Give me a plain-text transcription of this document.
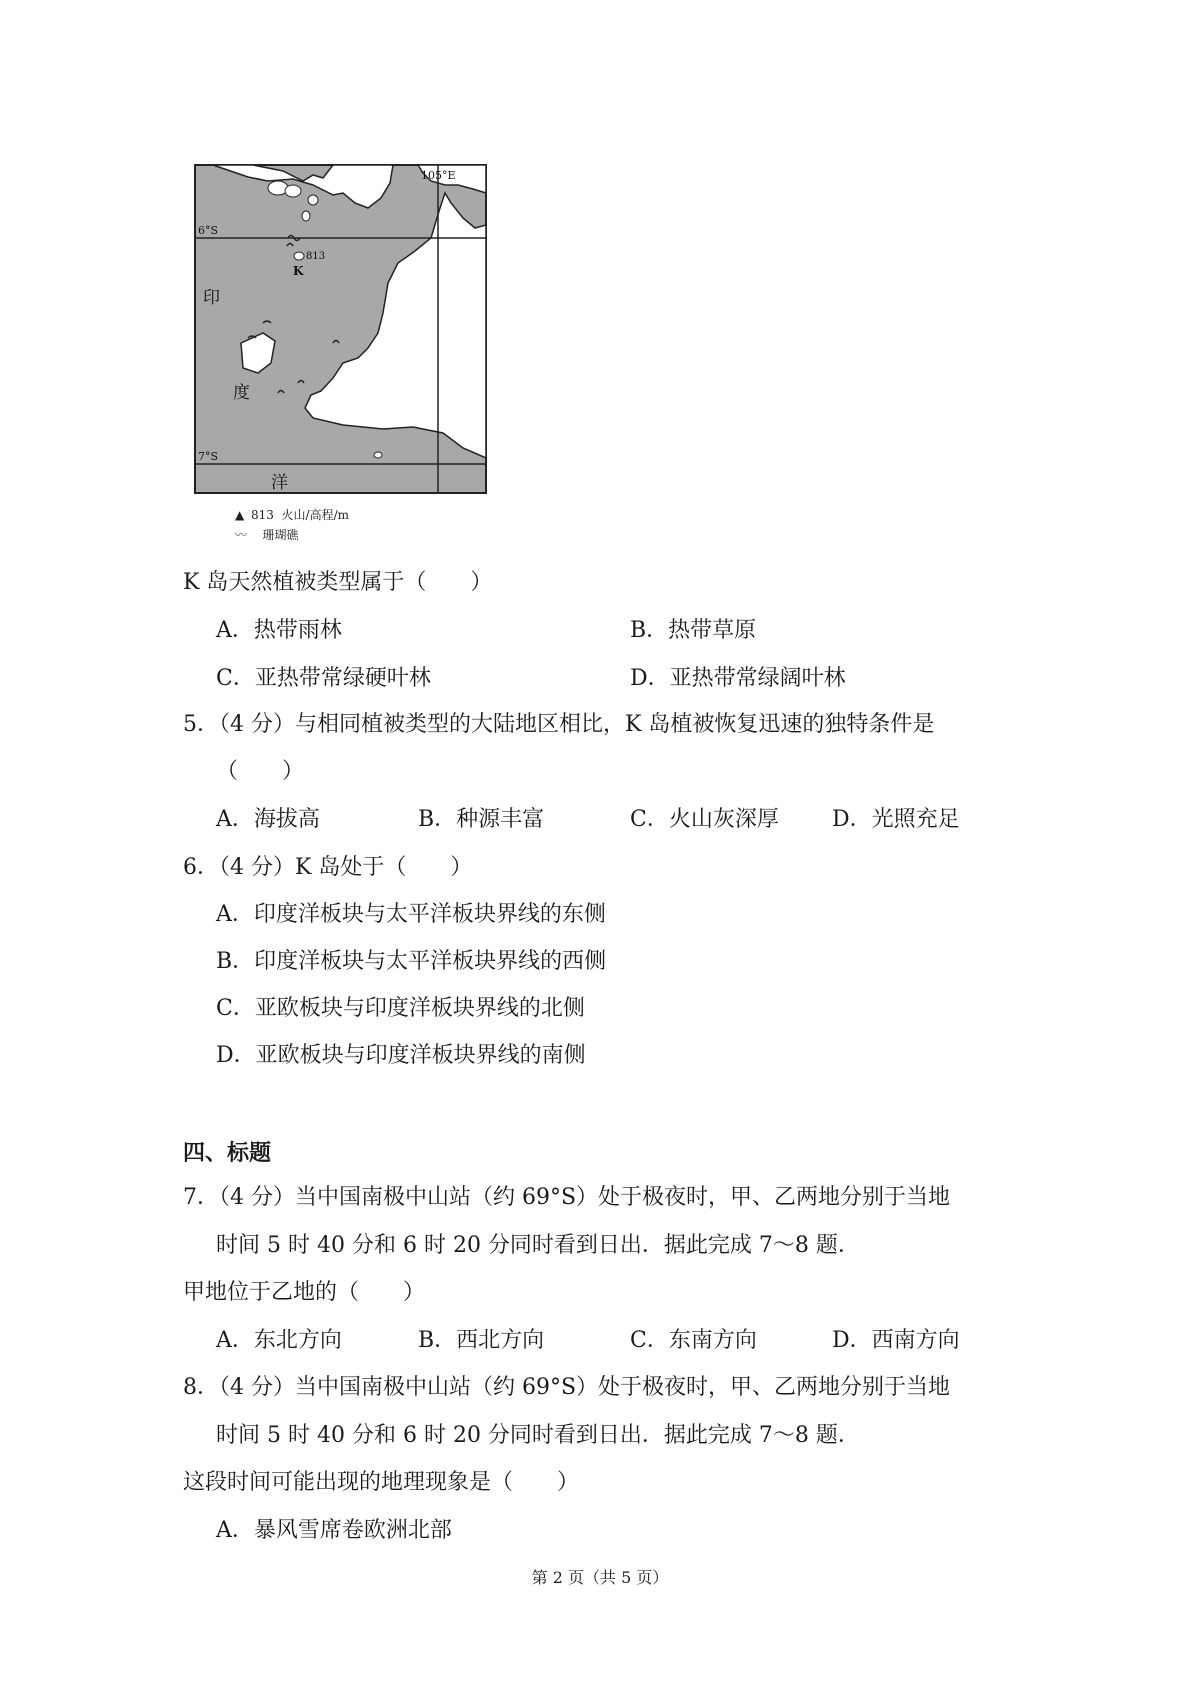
105°E
6°S
7°S
813
K
印
度
洋
▲ 813 火山/高程/m
〰 珊瑚礁
K 岛天然植被类型属于（　　）
A．热带雨林	B．热带草原
C．亚热带常绿硬叶林	D．亚热带常绿阔叶林
5．（4 分）与相同植被类型的大陆地区相比，K 岛植被恢复迅速的独特条件是
（　　）
A．海拔高	B．种源丰富	C．火山灰深厚 D．光照充足
6．（4 分）K 岛处于（　　）
A．印度洋板块与太平洋板块界线的东侧
B．印度洋板块与太平洋板块界线的西侧
C．亚欧板块与印度洋板块界线的北侧
D．亚欧板块与印度洋板块界线的南侧
四、标题
7．（4 分）当中国南极中山站（约 69°S）处于极夜时，甲、乙两地分别于当地
时间 5 时 40 分和 6 时 20 分同时看到日出．据此完成 7～8 题．
甲地位于乙地的（　　）
A．东北方向	B．西北方向	C．东南方向	D．西南方向
8．（4 分）当中国南极中山站（约 69°S）处于极夜时，甲、乙两地分别于当地
时间 5 时 40 分和 6 时 20 分同时看到日出．据此完成 7～8 题．
这段时间可能出现的地理现象是（　　）
A．暴风雪席卷欧洲北部
第 2 页（共 5 页）
